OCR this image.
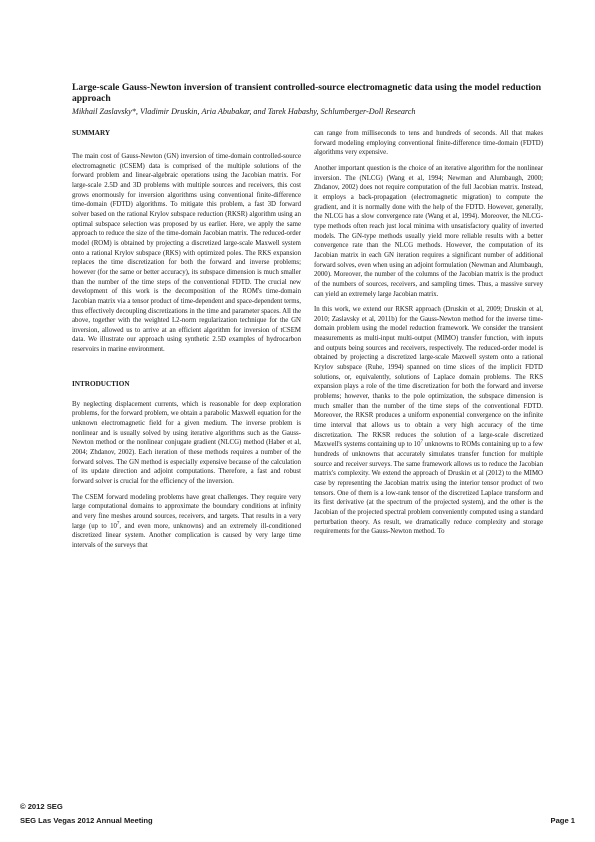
Large-scale Gauss-Newton inversion of transient controlled-source electromagnetic data using the model reduction approach

Mikhail Zaslavsky*, Vladimir Druskin, Aria Abubakar, and Tarek Habashy, Schlumberger-Doll Research

SUMMARY

The main cost of Gauss-Newton (GN) inversion of time-domain controlled-source electromagnetic (tCSEM) data is comprised of the multiple solutions of the forward problem and linear-algebraic operations using the Jacobian matrix. For large-scale 2.5D and 3D problems with multiple sources and receivers, this cost grows enormously for inversion algorithms using conventional finite-difference time-domain (FDTD) algorithms. To mitigate this problem, a fast 3D forward solver based on the rational Krylov subspace reduction (RKSR) algorithm using an optimal subspace selection was proposed by us earlier. Here, we apply the same approach to reduce the size of the time-domain Jacobian matrix. The reduced-order model (ROM) is obtained by projecting a discretized large-scale Maxwell system onto a rational Krylov subspace (RKS) with optimized poles. The RKS expansion replaces the time discretization for both the forward and inverse problems; however (for the same or better accuracy), its subspace dimension is much smaller than the number of the time steps of the conventional FDTD. The crucial new development of this work is the decomposition of the ROM's time-domain Jacobian matrix via a tensor product of time-dependent and space-dependent terms, thus effectively decoupling discretizations in the time and parameter spaces. All the above, together with the weighted L2-norm regularization technique for the GN inversion, allowed us to arrive at an efficient algorithm for inversion of tCSEM data. We illustrate our approach using synthetic 2.5D examples of hydrocarbon reservoirs in marine environment.

INTRODUCTION

By neglecting displacement currents, which is reasonable for deep exploration problems, for the forward problem, we obtain a parabolic Maxwell equation for the unknown electromagnetic field for a given medium. The inverse problem is nonlinear and is usually solved by using iterative algorithms such as the Gauss-Newton method or the nonlinear conjugate gradient (NLCG) method (Haber et al, 2004; Zhdanov, 2002). Each iteration of these methods requires a number of the forward solves. The GN method is especially expensive because of the calculation of its update direction and adjoint computations. Therefore, a fast and robust forward solver is crucial for the efficiency of the inversion.

The CSEM forward modeling problems have great challenges. They require very large computational domains to approximate the boundary conditions at infinity and very fine meshes around sources, receivers, and targets. That results in a very large (up to $10^7$, and even more, unknowns) and an extremely ill-conditioned discretized linear system. Another complication is caused by very large time intervals of the surveys that

can range from milliseconds to tens and hundreds of seconds. All that makes forward modeling employing conventional finite-difference time-domain (FDTD) algorithms very expensive.

Another important question is the choice of an iterative algorithm for the nonlinear inversion. The (NLCG) (Wang et al, 1994; Newman and Alumbaugh, 2000; Zhdanov, 2002) does not require computation of the full Jacobian matrix. Instead, it employs a back-propagation (electromagnetic migration) to compute the gradient, and it is normally done with the help of the FDTD. However, generally, the NLCG has a slow convergence rate (Wang et al, 1994). Moreover, the NLCG-type methods often reach just local minima with unsatisfactory quality of inverted models. The GN-type methods usually yield more reliable results with a better convergence rate than the NLCG methods. However, the computation of its Jacobian matrix in each GN iteration requires a significant number of additional forward solves, even when using an adjoint formulation (Newman and Alumbaugh, 2000). Moreover, the number of the columns of the Jacobian matrix is the product of the numbers of sources, receivers, and sampling times. Thus, a massive survey can yield an extremely large Jacobian matrix.

In this work, we extend our RKSR approach (Druskin et al, 2009; Druskin et al, 2010; Zaslavsky et al, 2011b) for the Gauss-Newton method for the inverse time-domain problem using the model reduction framework. We consider the transient measurements as multi-input multi-output (MIMO) transfer function, with inputs and outputs being sources and receivers, respectively. The reduced-order model is obtained by projecting a discretized large-scale Maxwell system onto a rational Krylov subspace (Ruhe, 1994) spanned on time slices of the implicit FDTD solutions, or, equivalently, solutions of Laplace domain problems. The RKS expansion plays a role of the time discretization for both the forward and inverse problems; however, thanks to the pole optimization, the subspace dimension is much smaller than the number of the time steps of the conventional FDTD. Moreover, the RKSR produces a uniform exponential convergence on the infinite time interval that allows us to obtain a very high accuracy of the time discretization. The RKSR reduces the solution of a large-scale discretized Maxwell's systems containing up to $10^7$ unknowns to ROMs containing up to a few hundreds of unknowns that accurately simulates transfer function for multiple source and receiver surveys. The same framework allows us to reduce the Jacobian matrix's complexity. We extend the approach of Druskin et al (2012) to the MIMO case by representing the Jacobian matrix using the interior tensor product of two tensors. One of them is a low-rank tensor of the discretized Laplace transform and its first derivative (at the spectrum of the projected system), and the other is the Jacobian of the projected spectral problem conveniently computed using a standard perturbation theory. As result, we dramatically reduce complexity and storage requirements for the Gauss-Newton method. To

© 2012 SEG
SEG Las Vegas 2012 Annual Meeting	Page 1
